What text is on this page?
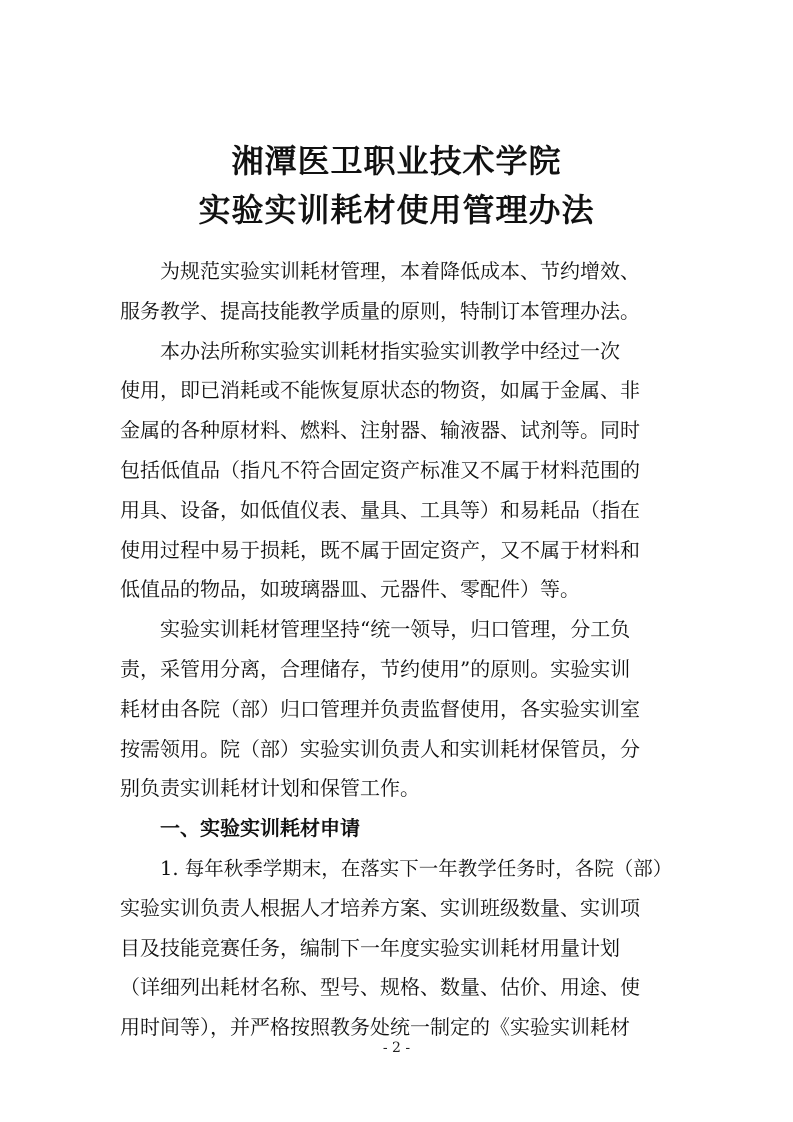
湘潭医卫职业技术学院
实验实训耗材使用管理办法
为规范实验实训耗材管理，本着降低成本、节约增效、
服务教学、提高技能教学质量的原则，特制订本管理办法。
本办法所称实验实训耗材指实验实训教学中经过一次
使用，即已消耗或不能恢复原状态的物资，如属于金属、非
金属的各种原材料、燃料、注射器、输液器、试剂等。同时
包括低值品（指凡不符合固定资产标准又不属于材料范围的
用具、设备，如低值仪表、量具、工具等）和易耗品（指在
使用过程中易于损耗，既不属于固定资产，又不属于材料和
低值品的物品，如玻璃器皿、元器件、零配件）等。
实验实训耗材管理坚持“统一领导，归口管理，分工负
责，采管用分离，合理储存，节约使用”的原则。实验实训
耗材由各院（部）归口管理并负责监督使用，各实验实训室
按需领用。院（部）实验实训负责人和实训耗材保管员，分
别负责实训耗材计划和保管工作。
一、实验实训耗材申请
1. 每年秋季学期末，在落实下一年教学任务时，各院（部）
实验实训负责人根据人才培养方案、实训班级数量、实训项
目及技能竞赛任务，编制下一年度实验实训耗材用量计划
（详细列出耗材名称、型号、规格、数量、估价、用途、使
用时间等），并严格按照教务处统一制定的《实验实训耗材
- 2 -
